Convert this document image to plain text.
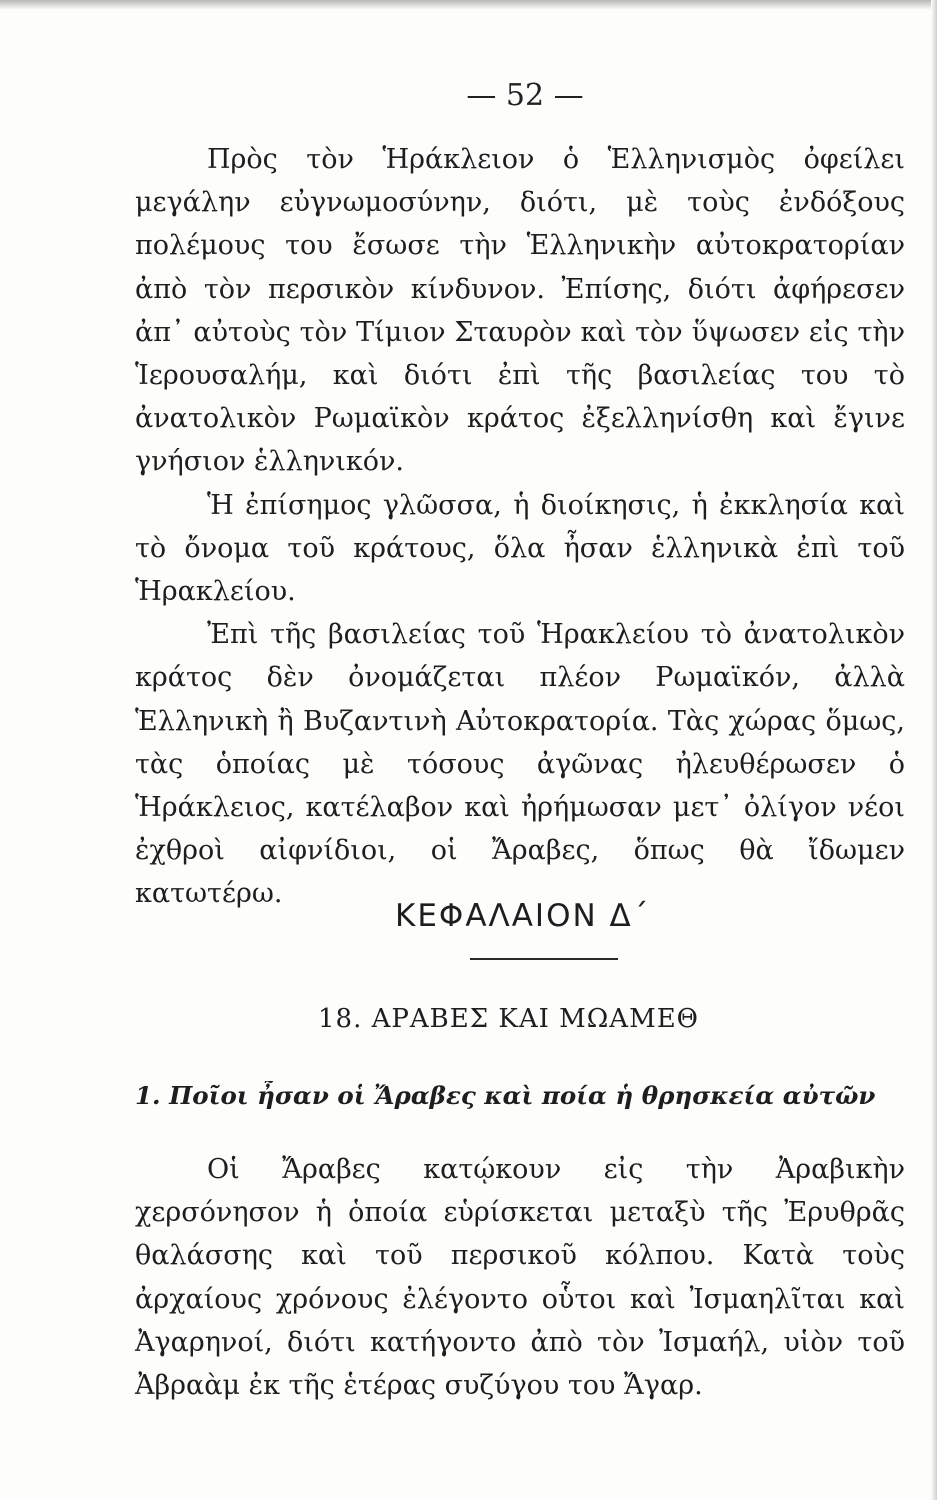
— 52 —

Πρὸς τὸν Ἡράκλειον ὁ Ἑλληνισμὸς ὀφείλει μεγάλην εὐγνωμοσύνην, διότι, μὲ τοὺς ἐνδόξους πολέμους του ἔσωσε τὴν Ἑλληνικὴν αὐτοκρατορίαν ἀπὸ τὸν περσικὸν κίνδυνον. Ἐπίσης, διότι ἀφήρεσεν ἀπ᾽ αὐτοὺς τὸν Τίμιον Σταυρὸν καὶ τὸν ὕψωσεν εἰς τὴν Ἱερουσαλήμ, καὶ διότι ἐπὶ τῆς βασιλείας του τὸ ἀνατολικὸν Ρωμαϊκὸν κράτος ἐξελληνίσθη καὶ ἔγινε γνήσιον ἑλληνικόν.

Ἡ ἐπίσημος γλῶσσα, ἡ διοίκησις, ἡ ἐκκλησία καὶ τὸ ὄνομα τοῦ κράτους, ὅλα ἦσαν ἑλληνικὰ ἐπὶ τοῦ Ἡρακλείου.

Ἐπὶ τῆς βασιλείας τοῦ Ἡρακλείου τὸ ἀνατολικὸν κράτος δὲν ὀνομάζεται πλέον Ρωμαϊκόν, ἀλλὰ Ἑλληνικὴ ἢ Βυζαντινὴ Αὐτοκρατορία. Τὰς χώρας ὅμως, τὰς ὁποίας μὲ τόσους ἀγῶνας ἠλευθέρωσεν ὁ Ἡράκλειος, κατέλαβον καὶ ἠρήμωσαν μετ᾽ ὀλίγον νέοι ἐχθροὶ αἰφνίδιοι, οἱ Ἄραβες, ὅπως θὰ ἴδωμεν κατωτέρω.

ΚΕΦΑΛΑΙΟΝ Δ΄
18. ΑΡΑΒΕΣ ΚΑΙ ΜΩΑΜΕΘ
1. Ποῖοι ἦσαν οἱ Ἄραβες καὶ ποία ἡ θρησκεία αὐτῶν

Οἱ Ἄραβες κατῴκουν εἰς τὴν Ἀραβικὴν χερσόνησον ἡ ὁποία εὑρίσκεται μεταξὺ τῆς Ἐρυθρᾶς θαλάσσης καὶ τοῦ περσικοῦ κόλπου. Κατὰ τοὺς ἀρχαίους χρόνους ἐλέγοντο οὗτοι καὶ Ἰσμαηλῖται καὶ Ἀγαρηνοί, διότι κατήγοντο ἀπὸ τὸν Ἰσμαήλ, υἱὸν τοῦ Ἀβραὰμ ἐκ τῆς ἑτέρας συζύγου του Ἄγαρ.
